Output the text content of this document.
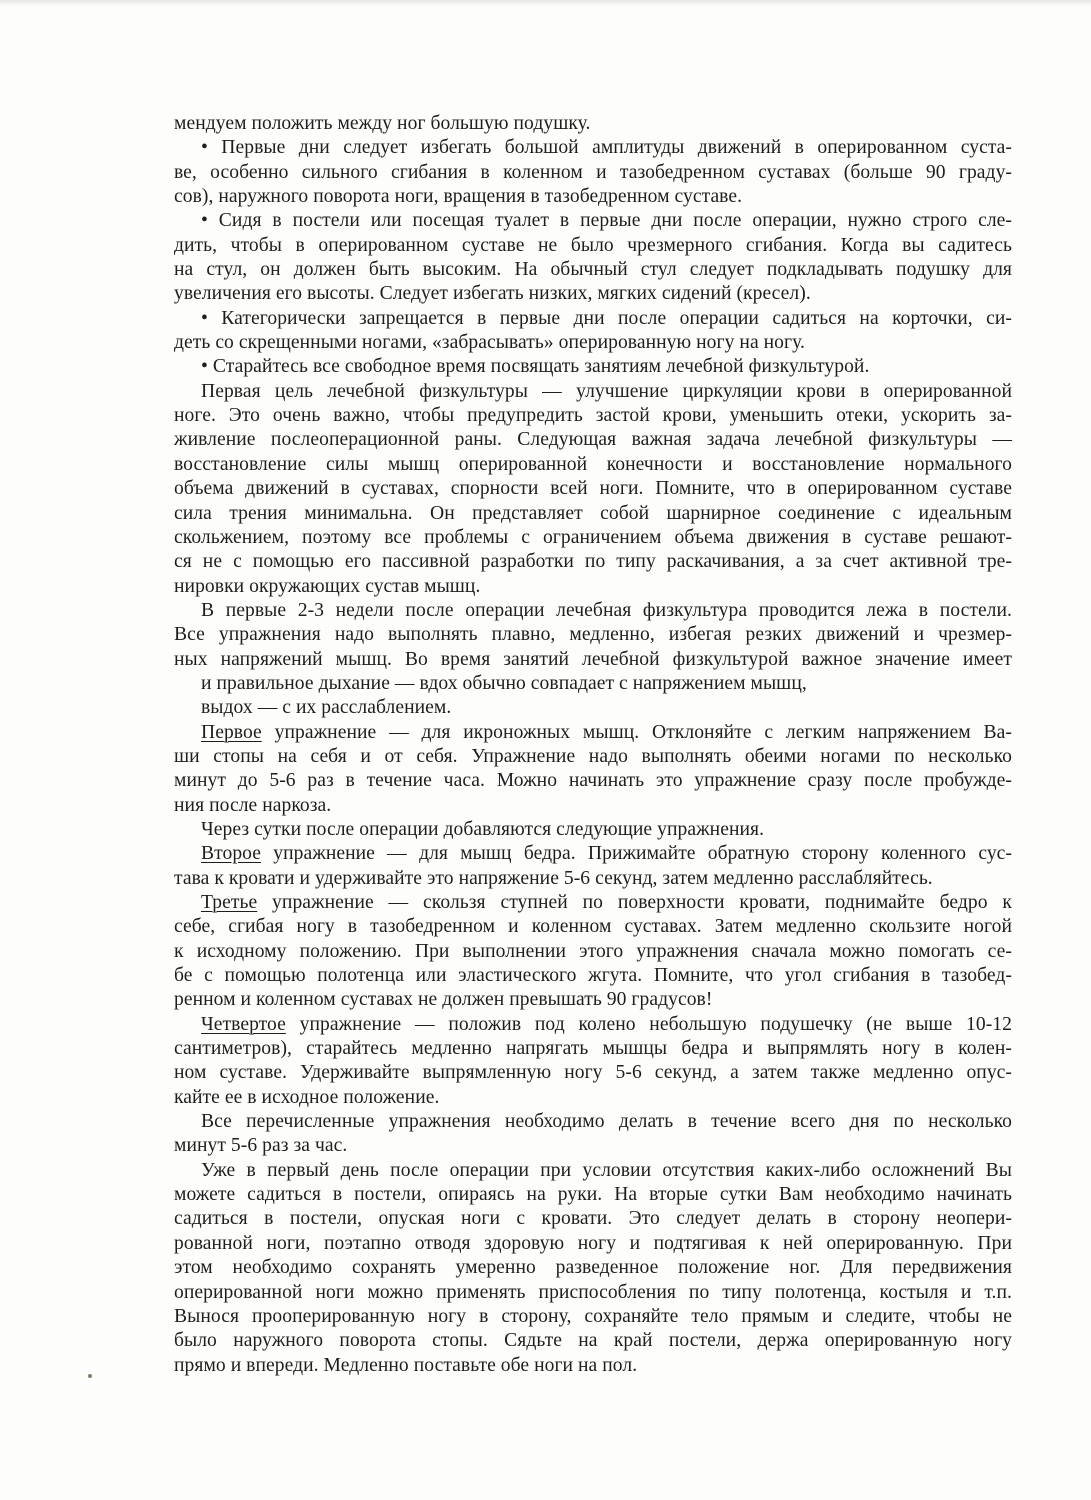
мендуем положить между ног большую подушку.
• Первые дни следует избегать большой амплитуды движений в оперированном суста-
ве, особенно сильного сгибания в коленном и тазобедренном суставах (больше 90 граду-
сов), наружного поворота ноги, вращения в тазобедренном суставе.
• Сидя в постели или посещая туалет в первые дни после операции, нужно строго сле-
дить, чтобы в оперированном суставе не было чрезмерного сгибания. Когда вы садитесь
на стул, он должен быть высоким. На обычный стул следует подкладывать подушку для
увеличения его высоты. Следует избегать низких, мягких сидений (кресел).
• Категорически запрещается в первые дни после операции садиться на корточки, си-
деть со скрещенными ногами, «забрасывать» оперированную ногу на ногу.
• Старайтесь все свободное время посвящать занятиям лечебной физкультурой.
Первая цель лечебной физкультуры — улучшение циркуляции крови в оперированной
ноге. Это очень важно, чтобы предупредить застой крови, уменьшить отеки, ускорить за-
живление послеоперационной раны. Следующая важная задача лечебной физкультуры —
восстановление силы мышц оперированной конечности и восстановление нормального
объема движений в суставах, спорности всей ноги. Помните, что в оперированном суставе
сила трения минимальна. Он представляет собой шарнирное соединение с идеальным
скольжением, поэтому все проблемы с ограничением объема движения в суставе решают-
ся не с помощью его пассивной разработки по типу раскачивания, а за счет активной тре-
нировки окружающих сустав мышц.
В первые 2-3 недели после операции лечебная физкультура проводится лежа в постели.
Все упражнения надо выполнять плавно, медленно, избегая резких движений и чрезмер-
ных напряжений мышц. Во время занятий лечебной физкультурой важное значение имеет
и правильное дыхание — вдох обычно совпадает с напряжением мышц,
выдох — с их расслаблением.
Первое упражнение — для икроножных мышц. Отклоняйте с легким напряжением Ва-
ши стопы на себя и от себя. Упражнение надо выполнять обеими ногами по несколько
минут до 5-6 раз в течение часа. Можно начинать это упражнение сразу после пробужде-
ния после наркоза.
Через сутки после операции добавляются следующие упражнения.
Второе упражнение — для мышц бедра. Прижимайте обратную сторону коленного сус-
тава к кровати и удерживайте это напряжение 5-6 секунд, затем медленно расслабляйтесь.
Третье упражнение — скользя ступней по поверхности кровати, поднимайте бедро к
себе, сгибая ногу в тазобедренном и коленном суставах. Затем медленно скользите ногой
к исходному положению. При выполнении этого упражнения сначала можно помогать се-
бе с помощью полотенца или эластического жгута. Помните, что угол сгибания в тазобед-
ренном и коленном суставах не должен превышать 90 градусов!
Четвертое упражнение — положив под колено небольшую подушечку (не выше 10-12
сантиметров), старайтесь медленно напрягать мышцы бедра и выпрямлять ногу в колен-
ном суставе. Удерживайте выпрямленную ногу 5-6 секунд, а затем также медленно опус-
кайте ее в исходное положение.
Все перечисленные упражнения необходимо делать в течение всего дня по несколько
минут 5-6 раз за час.
Уже в первый день после операции при условии отсутствия каких-либо осложнений Вы
можете садиться в постели, опираясь на руки. На вторые сутки Вам необходимо начинать
садиться в постели, опуская ноги с кровати. Это следует делать в сторону неопери-
рованной ноги, поэтапно отводя здоровую ногу и подтягивая к ней оперированную. При
этом необходимо сохранять умеренно разведенное положение ног. Для передвижения
оперированной ноги можно применять приспособления по типу полотенца, костыля и т.п.
Вынося прооперированную ногу в сторону, сохраняйте тело прямым и следите, чтобы не
было наружного поворота стопы. Сядьте на край постели, держа оперированную ногу
прямо и впереди. Медленно поставьте обе ноги на пол.
